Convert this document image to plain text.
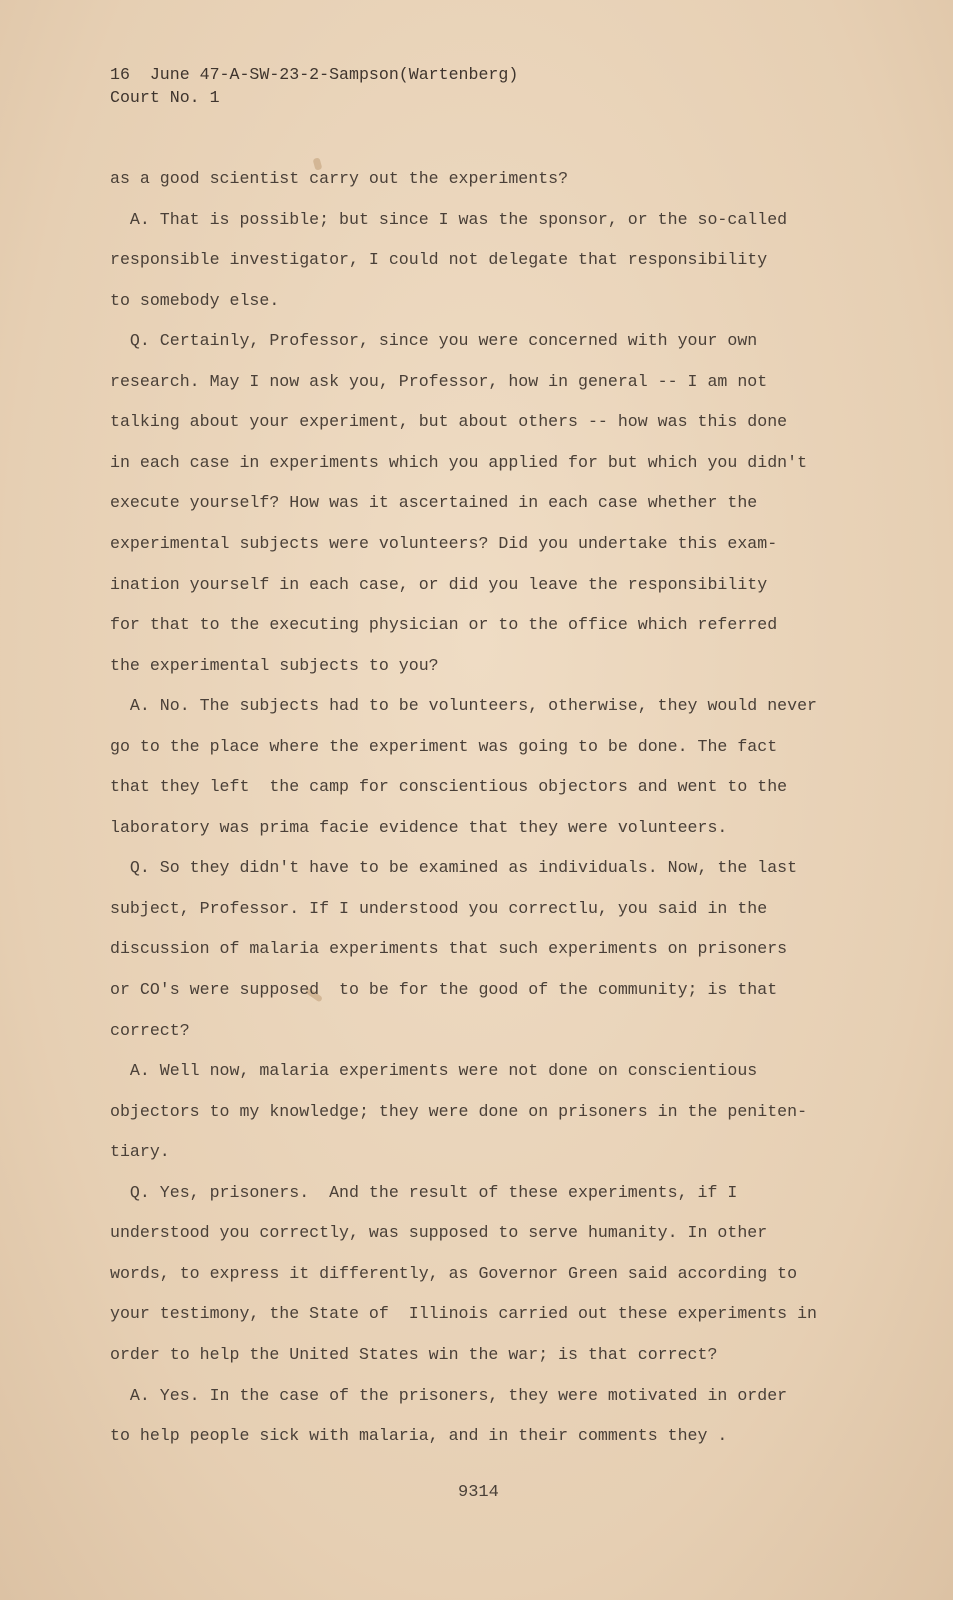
16  June 47-A-SW-23-2-Sampson(Wartenberg)
Court No. 1
as a good scientist carry out the experiments?
A. That is possible; but since I was the sponsor, or the so-called
responsible investigator, I could not delegate that responsibility
to somebody else.
Q. Certainly, Professor, since you were concerned with your own
research. May I now ask you, Professor, how in general -- I am not
talking about your experiment, but about others -- how was this done
in each case in experiments which you applied for but which you didn't
execute yourself? How was it ascertained in each case whether the
experimental subjects were volunteers? Did you undertake this exam-
ination yourself in each case, or did you leave the responsibility
for that to the executing physician or to the office which referred
the experimental subjects to you?
A. No. The subjects had to be volunteers, otherwise, they would never
go to the place where the experiment was going to be done. The fact
that they left  the camp for conscientious objectors and went to the
laboratory was prima facie evidence that they were volunteers.
Q. So they didn't have to be examined as individuals. Now, the last
subject, Professor. If I understood you correctlu, you said in the
discussion of malaria experiments that such experiments on prisoners
or CO's were supposed  to be for the good of the community; is that
correct?
A. Well now, malaria experiments were not done on conscientious
objectors to my knowledge; they were done on prisoners in the peniten-
tiary.
Q. Yes, prisoners.  And the result of these experiments, if I
understood you correctly, was supposed to serve humanity. In other
words, to express it differently, as Governor Green said according to
your testimony, the State of  Illinois carried out these experiments in
order to help the United States win the war; is that correct?
A. Yes. In the case of the prisoners, they were motivated in order
to help people sick with malaria, and in their comments they .
9314
